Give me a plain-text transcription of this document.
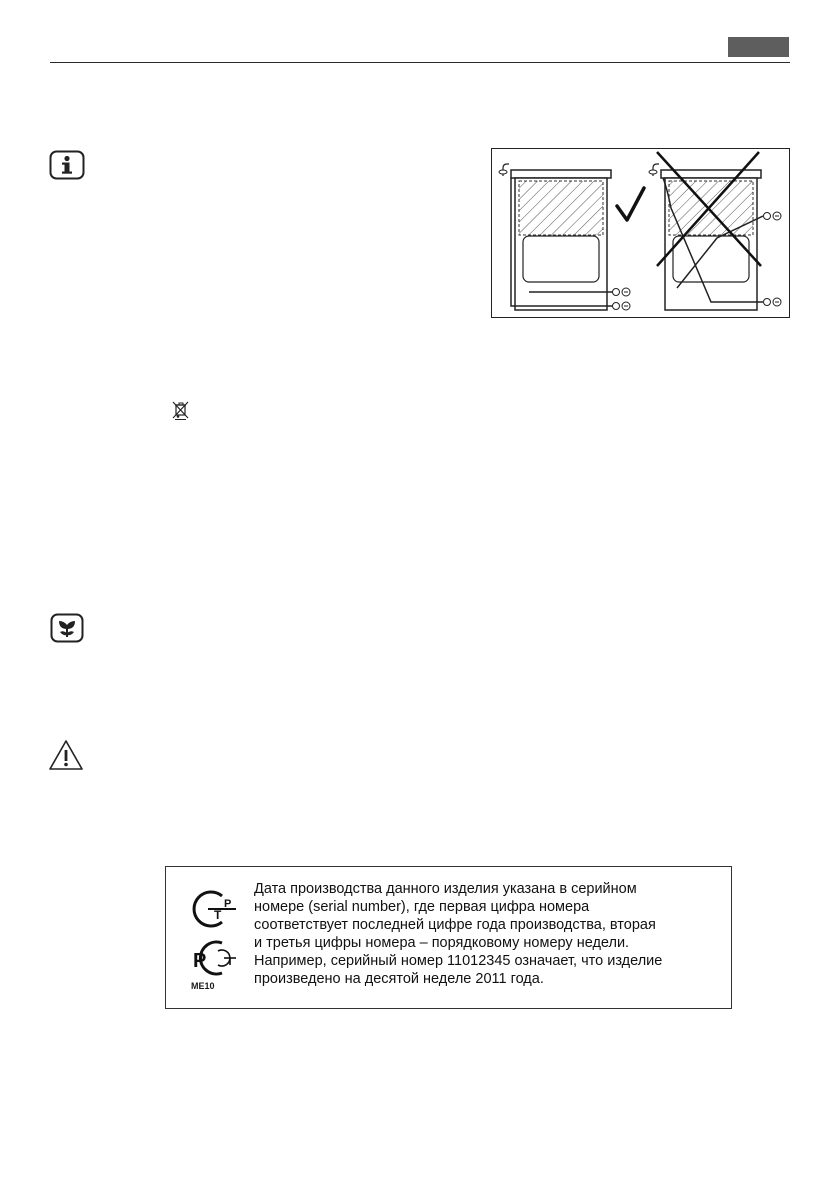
Т
Р
Р
МЕ10
Дата производства данного изделия указана в серийном
номере (serial number), где первая цифра номера
соответствует последней цифре года производства, вторая
и третья цифры номера – порядковому номеру недели.
Например, серийный номер 11012345 означает, что изделие
произведено на десятой неделе 2011 года.
